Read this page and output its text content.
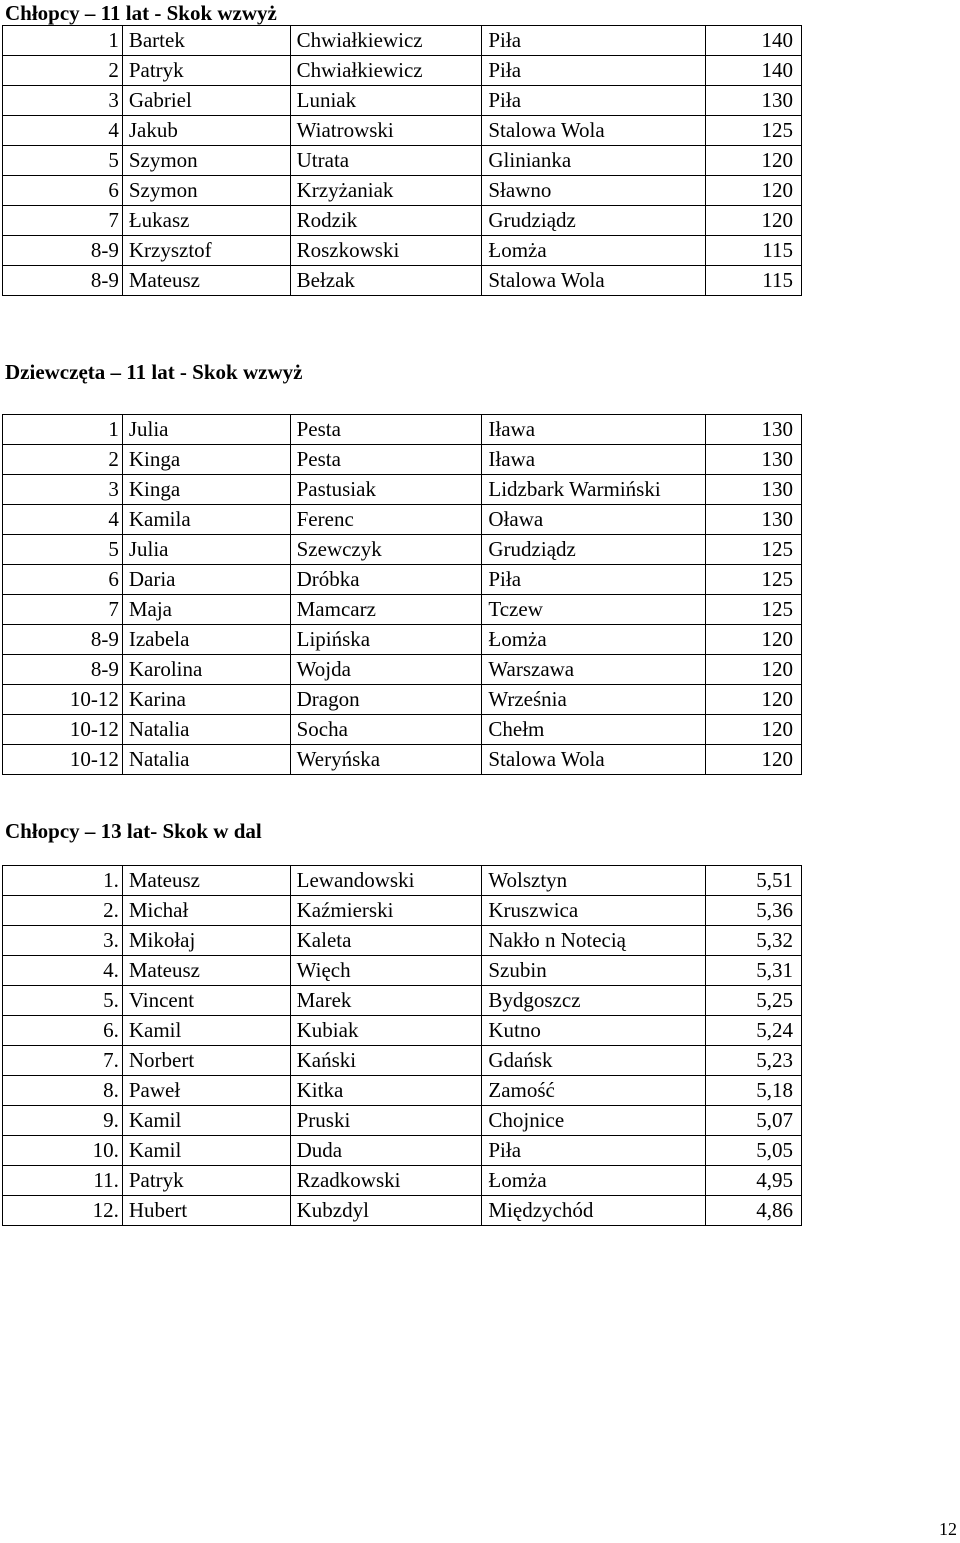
Chłopcy – 11 lat - Skok wzwyż
1	Bartek	Chwiałkiewicz	Piła	140
2	Patryk	Chwiałkiewicz	Piła	140
3	Gabriel	Luniak	Piła	130
4	Jakub	Wiatrowski	Stalowa Wola	125
5	Szymon	Utrata	Glinianka	120
6	Szymon	Krzyżaniak	Sławno	120
7	Łukasz	Rodzik	Grudziądz	120
8-9	Krzysztof	Roszkowski	Łomża	115
8-9	Mateusz	Bełzak	Stalowa Wola	115
Dziewczęta – 11 lat - Skok wzwyż
1	Julia	Pesta	Iława	130
2	Kinga	Pesta	Iława	130
3	Kinga	Pastusiak	Lidzbark Warmiński	130
4	Kamila	Ferenc	Oława	130
5	Julia	Szewczyk	Grudziądz	125
6	Daria	Dróbka	Piła	125
7	Maja	Mamcarz	Tczew	125
8-9	Izabela	Lipińska	Łomża	120
8-9	Karolina	Wojda	Warszawa	120
10-12	Karina	Dragon	Września	120
10-12	Natalia	Socha	Chełm	120
10-12	Natalia	Weryńska	Stalowa Wola	120
Chłopcy – 13 lat- Skok w dal
1.	Mateusz	Lewandowski	Wolsztyn	5,51
2.	Michał	Kaźmierski	Kruszwica	5,36
3.	Mikołaj	Kaleta	Nakło n Notecią	5,32
4.	Mateusz	Więch	Szubin	5,31
5.	Vincent	Marek	Bydgoszcz	5,25
6.	Kamil	Kubiak	Kutno	5,24
7.	Norbert	Kański	Gdańsk	5,23
8.	Paweł	Kitka	Zamość	5,18
9.	Kamil	Pruski	Chojnice	5,07
10.	Kamil	Duda	Piła	5,05
11.	Patryk	Rzadkowski	Łomża	4,95
12.	Hubert	Kubzdyl	Międzychód	4,86
12
